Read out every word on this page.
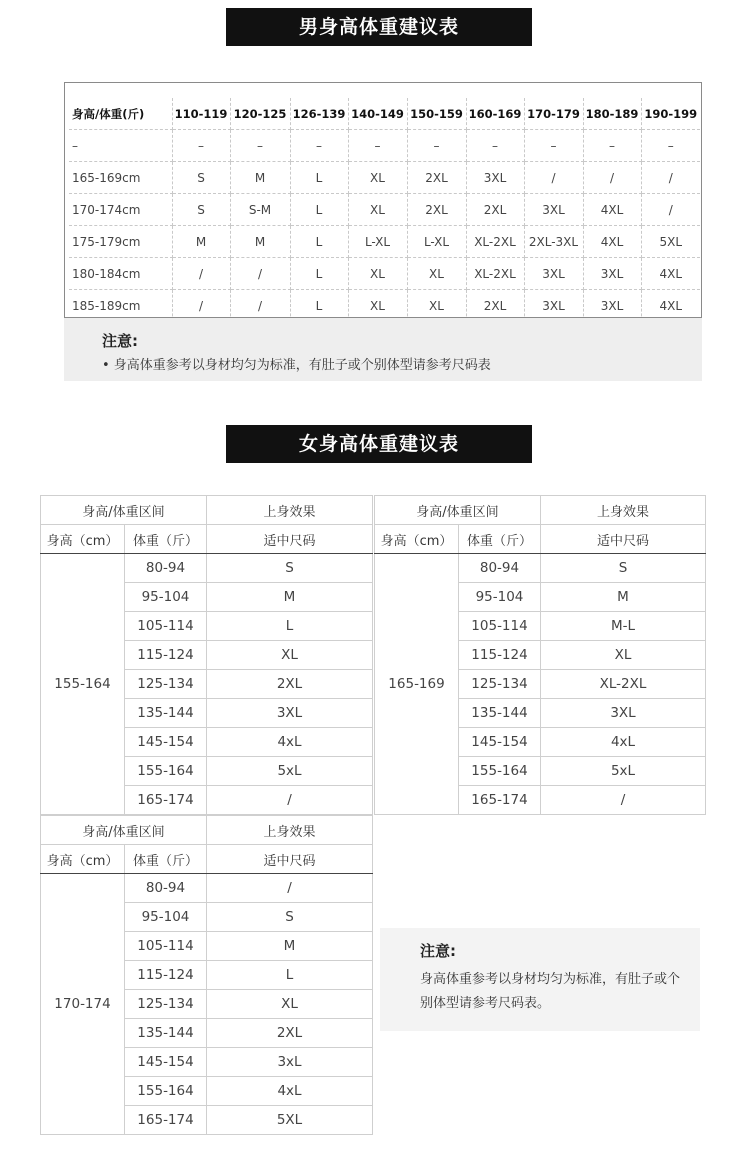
男身高体重建议表
身高/体重(斤)	110-119	120-125	126-139	140-149	150-159	160-169	170-179	180-189	190-199
–	–	–	–	–	–	–	–	–	–
165-169cm	S	M	L	XL	2XL	3XL	/	/	/
170-174cm	S	S-M	L	XL	2XL	2XL	3XL	4XL	/
175-179cm	M	M	L	L-XL	L-XL	XL-2XL	2XL-3XL	4XL	5XL
180-184cm	/	/	L	XL	XL	XL-2XL	3XL	3XL	4XL
185-189cm	/	/	L	XL	XL	2XL	3XL	3XL	4XL
注意:
• 身高体重参考以身材均匀为标准，有肚子或个别体型请参考尺码表
女身高体重建议表
身高/体重区间		上身效果
身高（cm）	体重（斤）	适中尺码
155-164	80-94	S
	95-104	M
	105-114	L
	115-124	XL
	125-134	2XL
	135-144	3XL
	145-154	4xL
	155-164	5xL
	165-174	/
身高/体重区间		上身效果
身高（cm）	体重（斤）	适中尺码
165-169	80-94	S
	95-104	M
	105-114	M-L
	115-124	XL
	125-134	XL-2XL
	135-144	3XL
	145-154	4xL
	155-164	5xL
	165-174	/
身高/体重区间		上身效果
身高（cm）	体重（斤）	适中尺码
170-174	80-94	/
	95-104	S
	105-114	M
	115-124	L
	125-134	XL
	135-144	2XL
	145-154	3xL
	155-164	4xL
	165-174	5XL
注意:
身高体重参考以身材均匀为标准，有肚子或个别体型请参考尺码表。
